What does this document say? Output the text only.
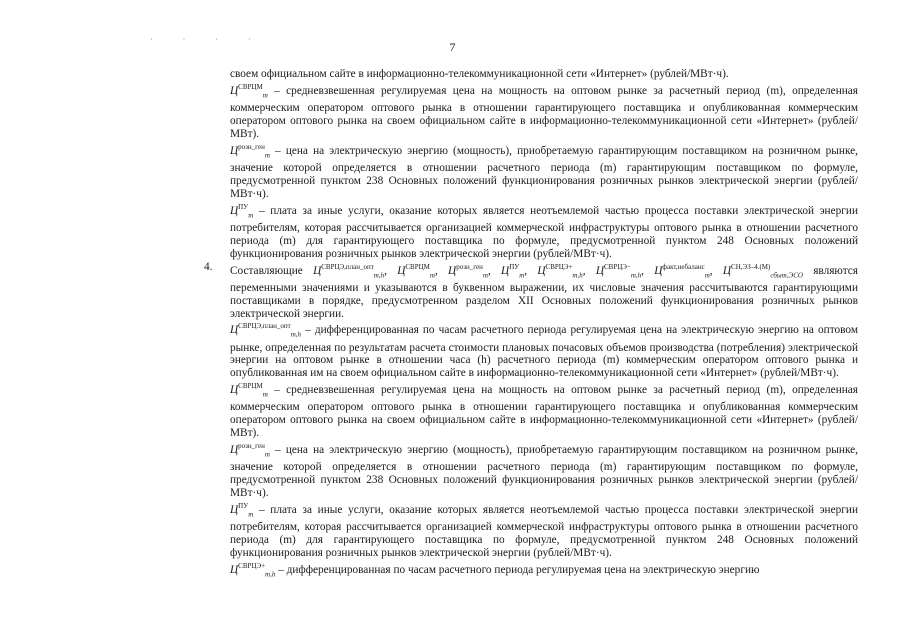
· · · ·
7

своем официальном сайте в информационно-телекоммуникационной сети «Интернет» (рублей/МВт·ч).

$Ц^{СВРЦМ}_m$ – средневзвешенная регулируемая цена на мощность на оптовом рынке за расчетный период (m), определенная коммерческим оператором оптового рынка в отношении гарантирующего поставщика и опубликованная коммерческим оператором оптового рынка на своем официальном сайте в информационно-телекоммуникационной сети «Интернет» (рублей/МВт).

$Ц^{розн\_ген}_m$ – цена на электрическую энергию (мощность), приобретаемую гарантирующим поставщиком на розничном рынке, значение которой определяется в отношении расчетного периода (m) гарантирующим поставщиком по формуле, предусмотренной пунктом 238 Основных положений функционирования розничных рынков электрической энергии (рублей/МВт·ч).

$Ц^{ПУ}_m$ – плата за иные услуги, оказание которых является неотъемлемой частью процесса поставки электрической энергии потребителям, которая рассчитывается организацией коммерческой инфраструктуры оптового рынка в отношении расчетного периода (m) для гарантирующего поставщика по формуле, предусмотренной пунктом 248 Основных положений функционирования розничных рынков электрической энергии (рублей/МВт·ч).

4. Составляющие $Ц^{СВРЦЭ,план\_опт}_{m,h}$, $Ц^{СВРЦМ}_m$, $Ц^{розн\_ген}_m$, $Ц^{ПУ}_m$, $Ц^{СВРЦЭ+}_{m,h}$, $Ц^{СВРЦЭ-}_{m,h}$, $Ц^{факт,небаланс}_m$, $Ц^{СН,ЭЗ-4.(М)}_{сбыт,ЭСО}$ являются переменными значениями и указываются в буквенном выражении, их числовые значения рассчитываются гарантирующими поставщиками в порядке, предусмотренном разделом XII Основных положений функционирования розничных рынков электрической энергии.

$Ц^{СВРЦЭ,план\_опт}_{m,h}$ – дифференцированная по часам расчетного периода регулируемая цена на электрическую энергию на оптовом рынке, определенная по результатам расчета стоимости плановых почасовых объемов производства (потребления) электрической энергии на оптовом рынке в отношении часа (h) расчетного периода (m) коммерческим оператором оптового рынка и опубликованная им на своем официальном сайте в информационно-телекоммуникационной сети «Интернет» (рублей/МВт·ч).

$Ц^{СВРЦМ}_m$ – средневзвешенная регулируемая цена на мощность на оптовом рынке за расчетный период (m), определенная коммерческим оператором оптового рынка в отношении гарантирующего поставщика и опубликованная коммерческим оператором оптового рынка на своем официальном сайте в информационно-телекоммуникационной сети «Интернет» (рублей/МВт).

$Ц^{розн\_ген}_m$ – цена на электрическую энергию (мощность), приобретаемую гарантирующим поставщиком на розничном рынке, значение которой определяется в отношении расчетного периода (m) гарантирующим поставщиком по формуле, предусмотренной пунктом 238 Основных положений функционирования розничных рынков электрической энергии (рублей/МВт·ч).

$Ц^{ПУ}_m$ – плата за иные услуги, оказание которых является неотъемлемой частью процесса поставки электрической энергии потребителям, которая рассчитывается организацией коммерческой инфраструктуры оптового рынка в отношении расчетного периода (m) для гарантирующего поставщика по формуле, предусмотренной пунктом 248 Основных положений функционирования розничных рынков электрической энергии (рублей/МВт·ч).

$Ц^{СВРЦЭ+}_{m,h}$ – дифференцированная по часам расчетного периода регулируемая цена на электрическую энергию
